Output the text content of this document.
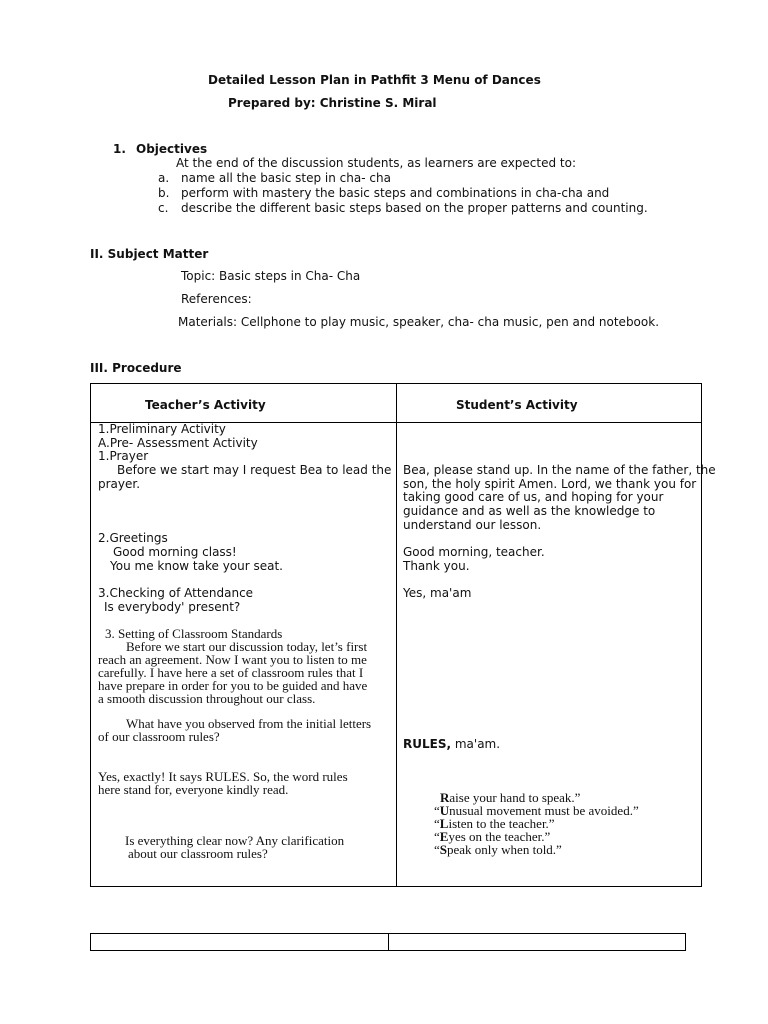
Detailed Lesson Plan in Pathfit 3 Menu of Dances
Prepared by: Christine S. Miral
1. Objectives
At the end of the discussion students, as learners are expected to:
a. name all the basic step in cha- cha
b. perform with mastery the basic steps and combinations in cha-cha and
c. describe the different basic steps based on the proper patterns and counting.
II. Subject Matter
Topic: Basic steps in Cha- Cha
References:
Materials: Cellphone to play music, speaker, cha- cha music, pen and notebook.
III. Procedure
Teacher’s Activity	Student’s Activity
1.Preliminary Activity
A.Pre- Assessment Activity
1.Prayer
Before we start may I request Bea to lead the
prayer.
2.Greetings
Good morning class!
You me know take your seat.
3.Checking of Attendance
Is everybody' present?
3. Setting of Classroom Standards
Before we start our discussion today, let’s first
reach an agreement. Now I want you to listen to me
carefully. I have here a set of classroom rules that I
have prepare in order for you to be guided and have
a smooth discussion throughout our class.
What have you observed from the initial letters
of our classroom rules?
Yes, exactly! It says RULES. So, the word rules
here stand for, everyone kindly read.
Is everything clear now? Any clarification
about our classroom rules?
Bea, please stand up. In the name of the father, the
son, the holy spirit Amen. Lord, we thank you for
taking good care of us, and hoping for your
guidance and as well as the knowledge to
understand our lesson.
Good morning, teacher.
Thank you.
Yes, ma'am
RULES, ma'am.
Raise your hand to speak.”
“Unusual movement must be avoided.”
“Listen to the teacher.”
“Eyes on the teacher.”
“Speak only when told.”
